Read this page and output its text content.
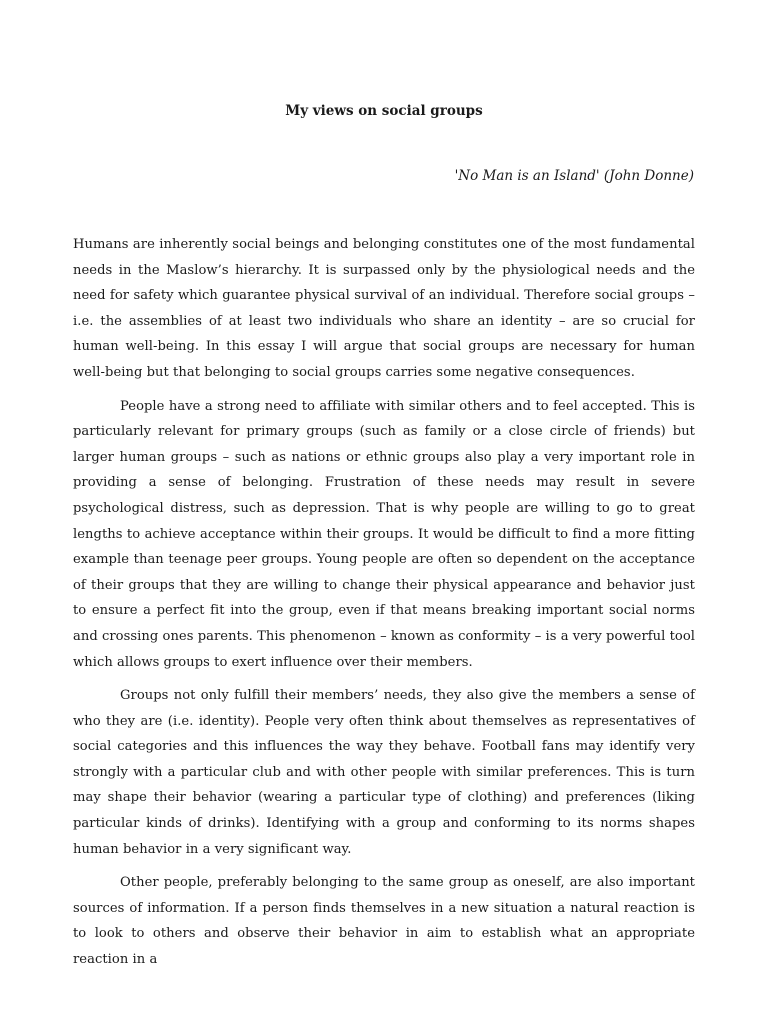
My views on social groups

'No Man is an Island' (John Donne)

Humans are inherently social beings and belonging constitutes one of the most fundamental needs in the Maslow’s hierarchy. It is surpassed only by the physiological needs and the need for safety which guarantee physical survival of an individual. Therefore social groups – i.e. the assemblies of at least two individuals who share an identity – are so crucial for human well-being. In this essay I will argue that social groups are necessary for human well-being but that belonging to social groups carries some negative consequences.

People have a strong need to affiliate with similar others and to feel accepted. This is particularly relevant for primary groups (such as family or a close circle of friends) but larger human groups – such as nations or ethnic groups also play a very important role in providing a sense of belonging. Frustration of these needs may result in severe psychological distress, such as depression. That is why people are willing to go to great lengths to achieve acceptance within their groups. It would be difficult to find a more fitting example than teenage peer groups. Young people are often so dependent on the acceptance of their groups that they are willing to change their physical appearance and behavior just to ensure a perfect fit into the group, even if that means breaking important social norms and crossing ones parents. This phenomenon – known as conformity – is a very powerful tool which allows groups to exert influence over their members.

Groups not only fulfill their members’ needs, they also give the members a sense of who they are (i.e. identity). People very often think about themselves as representatives of social categories and this influences the way they behave. Football fans may identify very strongly with a particular club and with other people with similar preferences. This is turn may shape their behavior (wearing a particular type of clothing) and preferences (liking particular kinds of drinks). Identifying with a group and conforming to its norms shapes human behavior in a very significant way.

Other people, preferably belonging to the same group as oneself, are also important sources of information. If a person finds themselves in a new situation a natural reaction is to look to others and observe their behavior in aim to establish what an appropriate reaction in a
